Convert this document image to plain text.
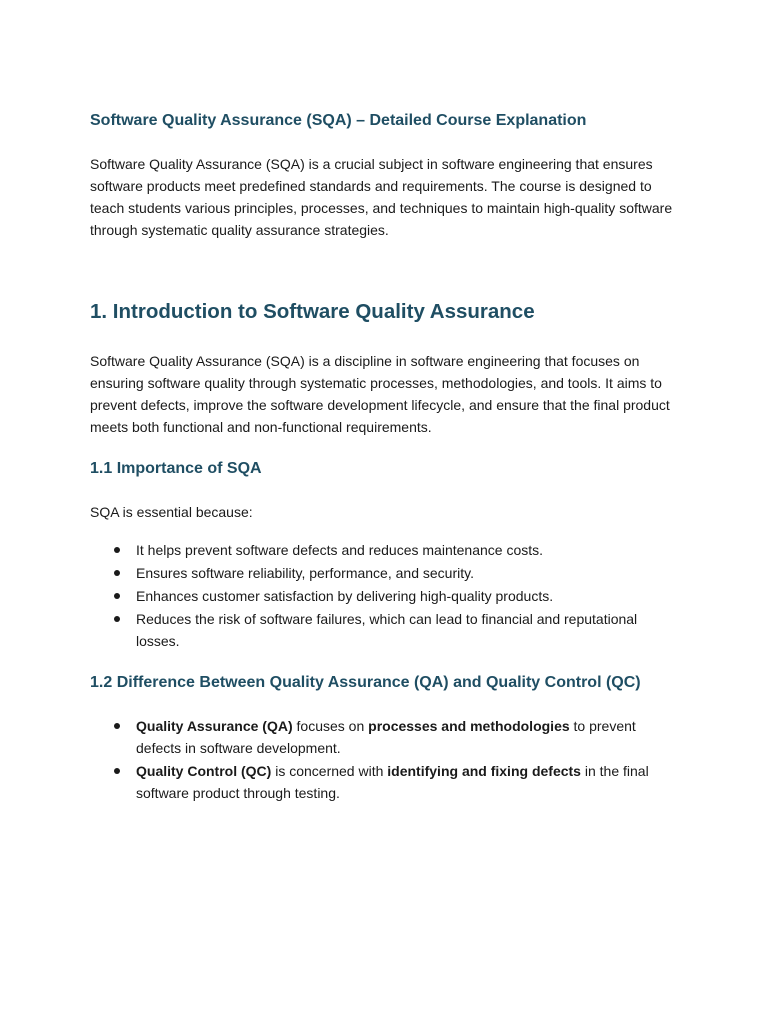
Software Quality Assurance (SQA) – Detailed Course Explanation

Software Quality Assurance (SQA) is a crucial subject in software engineering that ensures software products meet predefined standards and requirements. The course is designed to teach students various principles, processes, and techniques to maintain high-quality software through systematic quality assurance strategies.

1. Introduction to Software Quality Assurance

Software Quality Assurance (SQA) is a discipline in software engineering that focuses on ensuring software quality through systematic processes, methodologies, and tools. It aims to prevent defects, improve the software development lifecycle, and ensure that the final product meets both functional and non-functional requirements.

1.1 Importance of SQA

SQA is essential because:

It helps prevent software defects and reduces maintenance costs.
Ensures software reliability, performance, and security.
Enhances customer satisfaction by delivering high-quality products.
Reduces the risk of software failures, which can lead to financial and reputational losses.
1.2 Difference Between Quality Assurance (QA) and Quality Control (QC)
Quality Assurance (QA) focuses on processes and methodologies to prevent defects in software development.
Quality Control (QC) is concerned with identifying and fixing defects in the final software product through testing.
